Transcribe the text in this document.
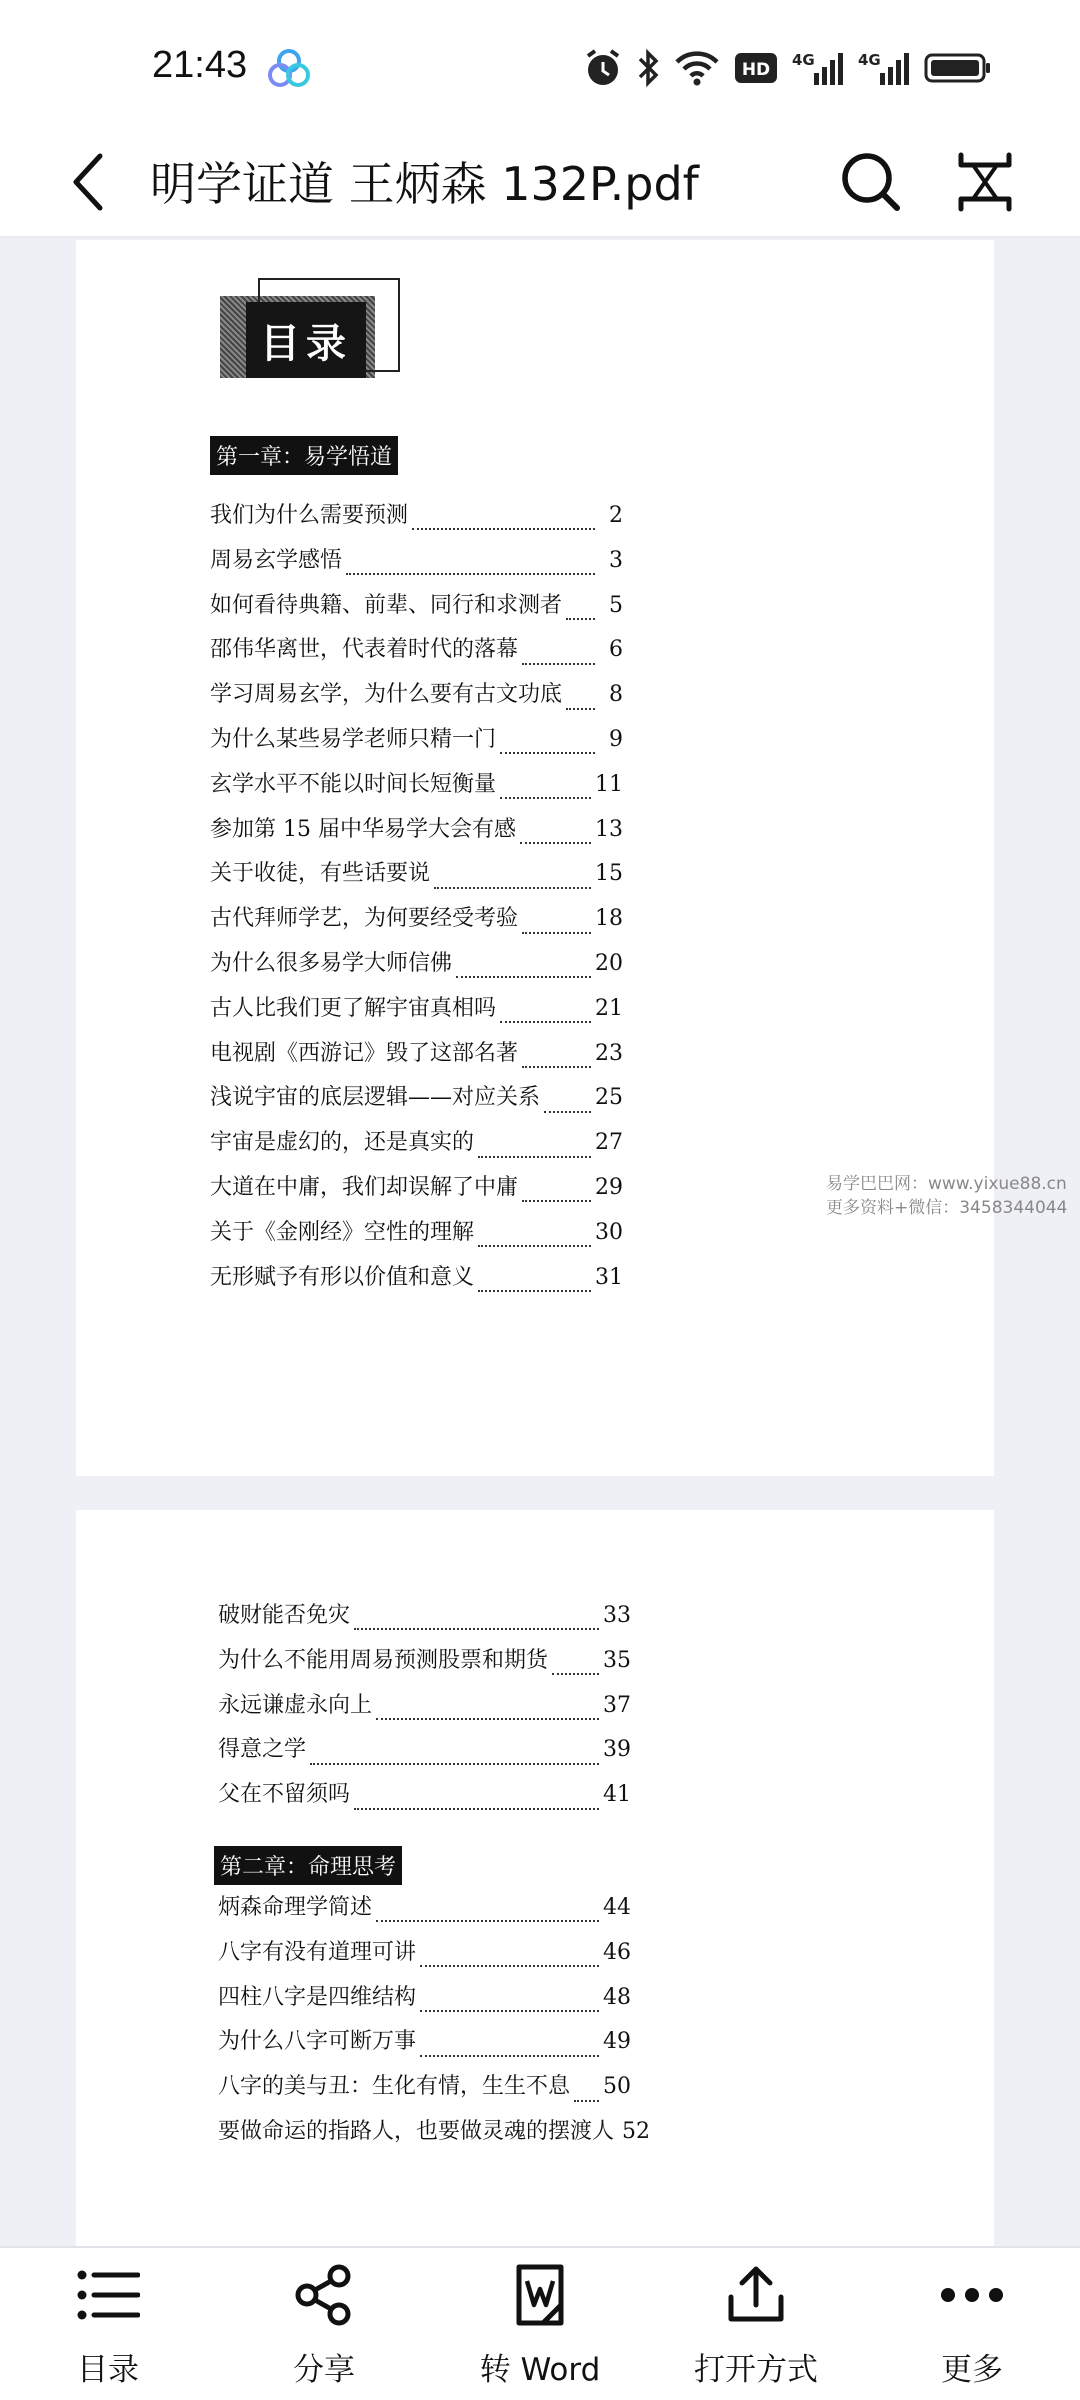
21:43	HD 4G	4G
明学证道 王炳森 132P.pdf
目录
第一章：易学悟道
我们为什么需要预测	2
周易玄学感悟	3
如何看待典籍、前辈、同行和求测者	5
邵伟华离世，代表着时代的落幕	6
学习周易玄学，为什么要有古文功底	8
为什么某些易学老师只精一门	9
玄学水平不能以时间长短衡量	11
参加第 15 届中华易学大会有感	13
关于收徒，有些话要说	15
古代拜师学艺，为何要经受考验	18
为什么很多易学大师信佛	20
古人比我们更了解宇宙真相吗	21
电视剧《西游记》毁了这部名著	23
浅说宇宙的底层逻辑——对应关系 25
宇宙是虚幻的，还是真实的	27
大道在中庸，我们却误解了中庸	29
关于《金刚经》空性的理解	30
无形赋予有形以价值和意义	31
破财能否免灾	33
为什么不能用周易预测股票和期货 35
永远谦虚永向上	37
得意之学	39
父在不留须吗	41
第二章：命理思考
炳森命理学简述	44
八字有没有道理可讲	46
四柱八字是四维结构	48
为什么八字可断万事	49
八字的美与丑：生化有情，生生不息 50
要做命运的指路人，也要做灵魂的摆渡人 52
易学巴巴网：www.yixue88.cn
更多资料+微信：3458344044
目录	分享	转 Word	打开方式	更多
